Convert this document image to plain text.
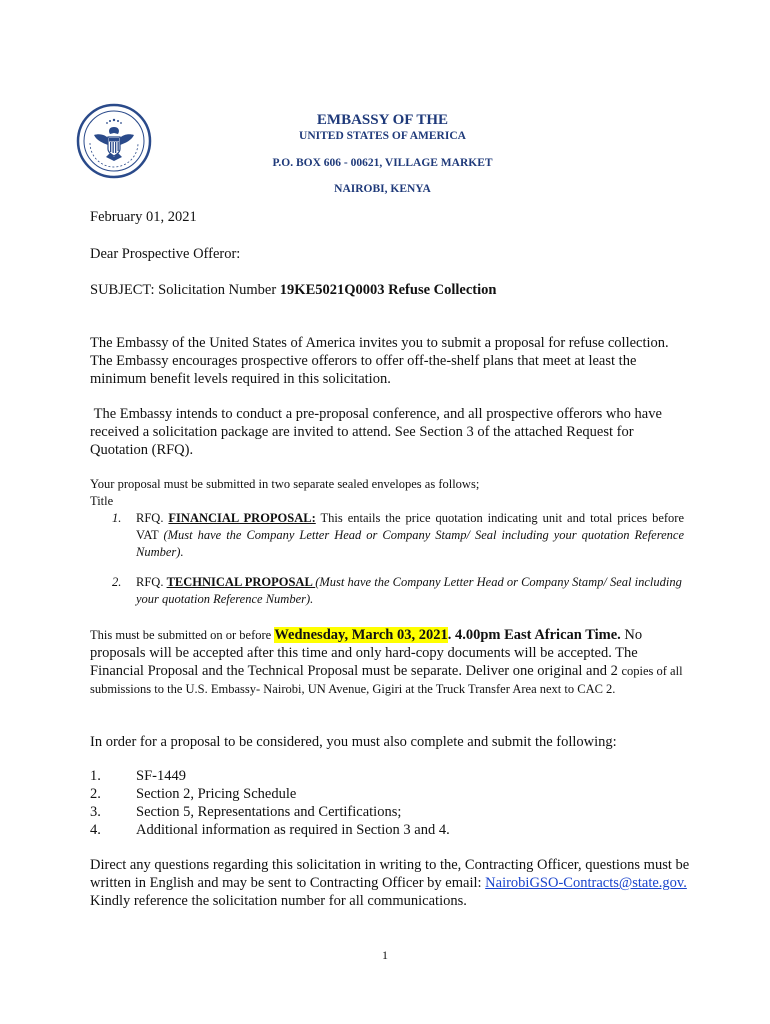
EMBASSY OF THE
UNITED STATES OF AMERICA
P.O. BOX 606 - 00621, VILLAGE MARKET
NAIROBI, KENYA
February 01, 2021
Dear Prospective Offeror:
SUBJECT: Solicitation Number 19KE5021Q0003 Refuse Collection
The Embassy of the United States of America invites you to submit a proposal for refuse collection. The Embassy encourages prospective offerors to offer off-the-shelf plans that meet at least the minimum benefit levels required in this solicitation.
The Embassy intends to conduct a pre-proposal conference, and all prospective offerors who have received a solicitation package are invited to attend. See Section 3 of the attached Request for Quotation (RFQ).
Your proposal must be submitted in two separate sealed envelopes as follows;
Title
1. RFQ. FINANCIAL PROPOSAL: This entails the price quotation indicating unit and total prices before VAT (Must have the Company Letter Head or Company Stamp/ Seal including your quotation Reference Number).
2. RFQ. TECHNICAL PROPOSAL (Must have the Company Letter Head or Company Stamp/ Seal including your quotation Reference Number).
This must be submitted on or before Wednesday, March 03, 2021. 4.00pm East African Time. No proposals will be accepted after this time and only hard-copy documents will be accepted. The Financial Proposal and the Technical Proposal must be separate. Deliver one original and 2 copies of all submissions to the U.S. Embassy- Nairobi, UN Avenue, Gigiri at the Truck Transfer Area next to CAC 2.
In order for a proposal to be considered, you must also complete and submit the following:
1.	SF-1449
2.	Section 2, Pricing Schedule
3.	Section 5, Representations and Certifications;
4.	Additional information as required in Section 3 and 4.
Direct any questions regarding this solicitation in writing to the, Contracting Officer, questions must be written in English and may be sent to Contracting Officer by email: NairobiGSO-Contracts@state.gov. Kindly reference the solicitation number for all communications.
1
